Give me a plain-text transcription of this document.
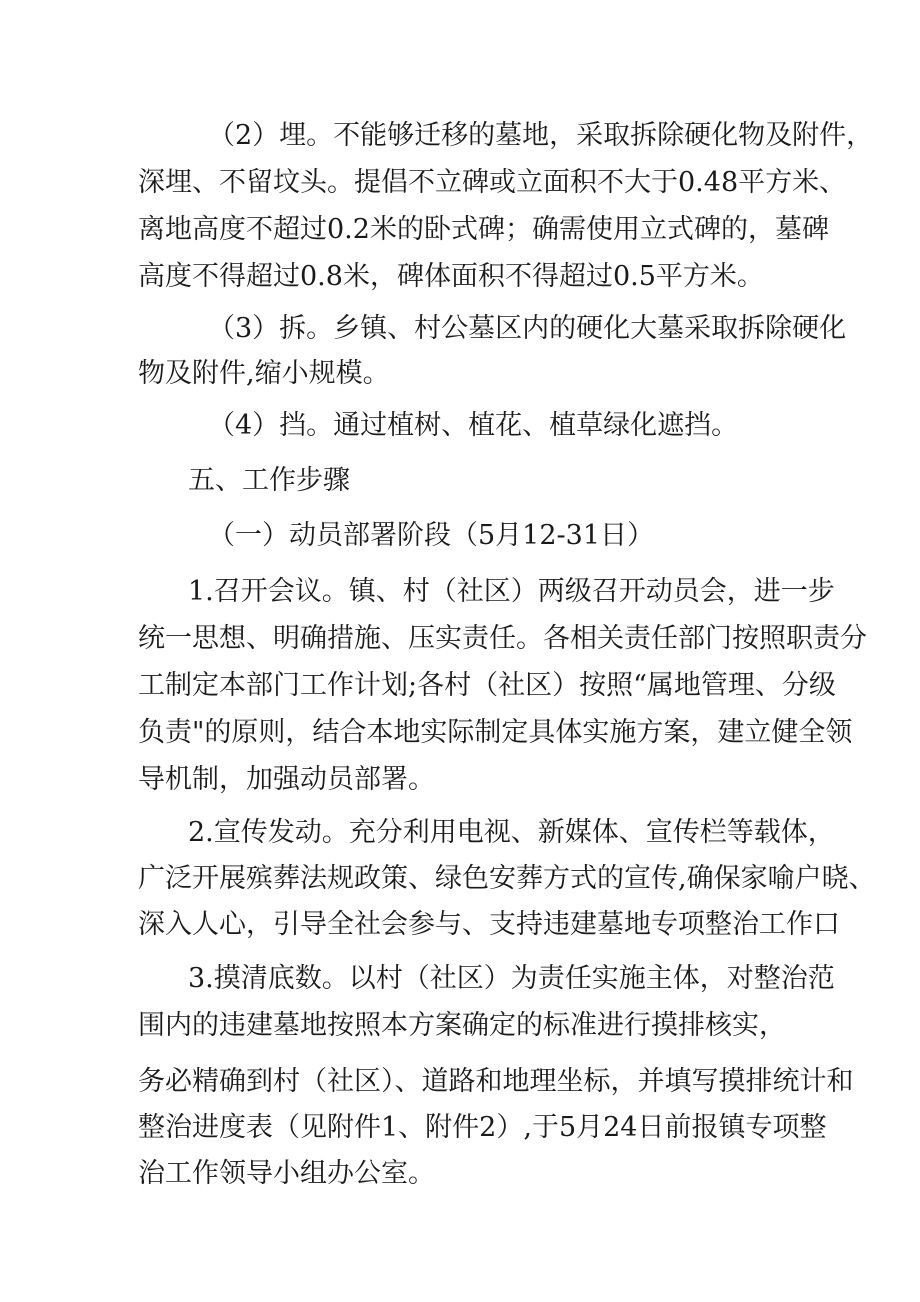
（2）埋。不能够迁移的墓地，采取拆除硬化物及附件，

深埋、不留坟头。提倡不立碑或立面积不大于0.48平方米、

离地高度不超过0.2米的卧式碑；确需使用立式碑的，墓碑

高度不得超过0.8米，碑体面积不得超过0.5平方米。

（3）拆。乡镇、村公墓区内的硬化大墓采取拆除硬化

物及附件,缩小规模。

（4）挡。通过植树、植花、植草绿化遮挡。

五、工作步骤

（一）动员部署阶段（5月12-31日）

1.召开会议。镇、村（社区）两级召开动员会，进一步

统一思想、明确措施、压实责任。各相关责任部门按照职责分

工制定本部门工作计划;各村（社区）按照“属地管理、分级

负责"的原则，结合本地实际制定具体实施方案，建立健全领

导机制，加强动员部署。

2.宣传发动。充分利用电视、新媒体、宣传栏等载体，

广泛开展殡葬法规政策、绿色安葬方式的宣传,确保家喻户晓、

深入人心，引导全社会参与、支持违建墓地专项整治工作口

3.摸清底数。以村（社区）为责任实施主体，对整治范

围内的违建墓地按照本方案确定的标准进行摸排核实，

务必精确到村（社区）、道路和地理坐标，并填写摸排统计和

整治进度表（见附件1、附件2）,于5月24日前报镇专项整

治工作领导小组办公室。
